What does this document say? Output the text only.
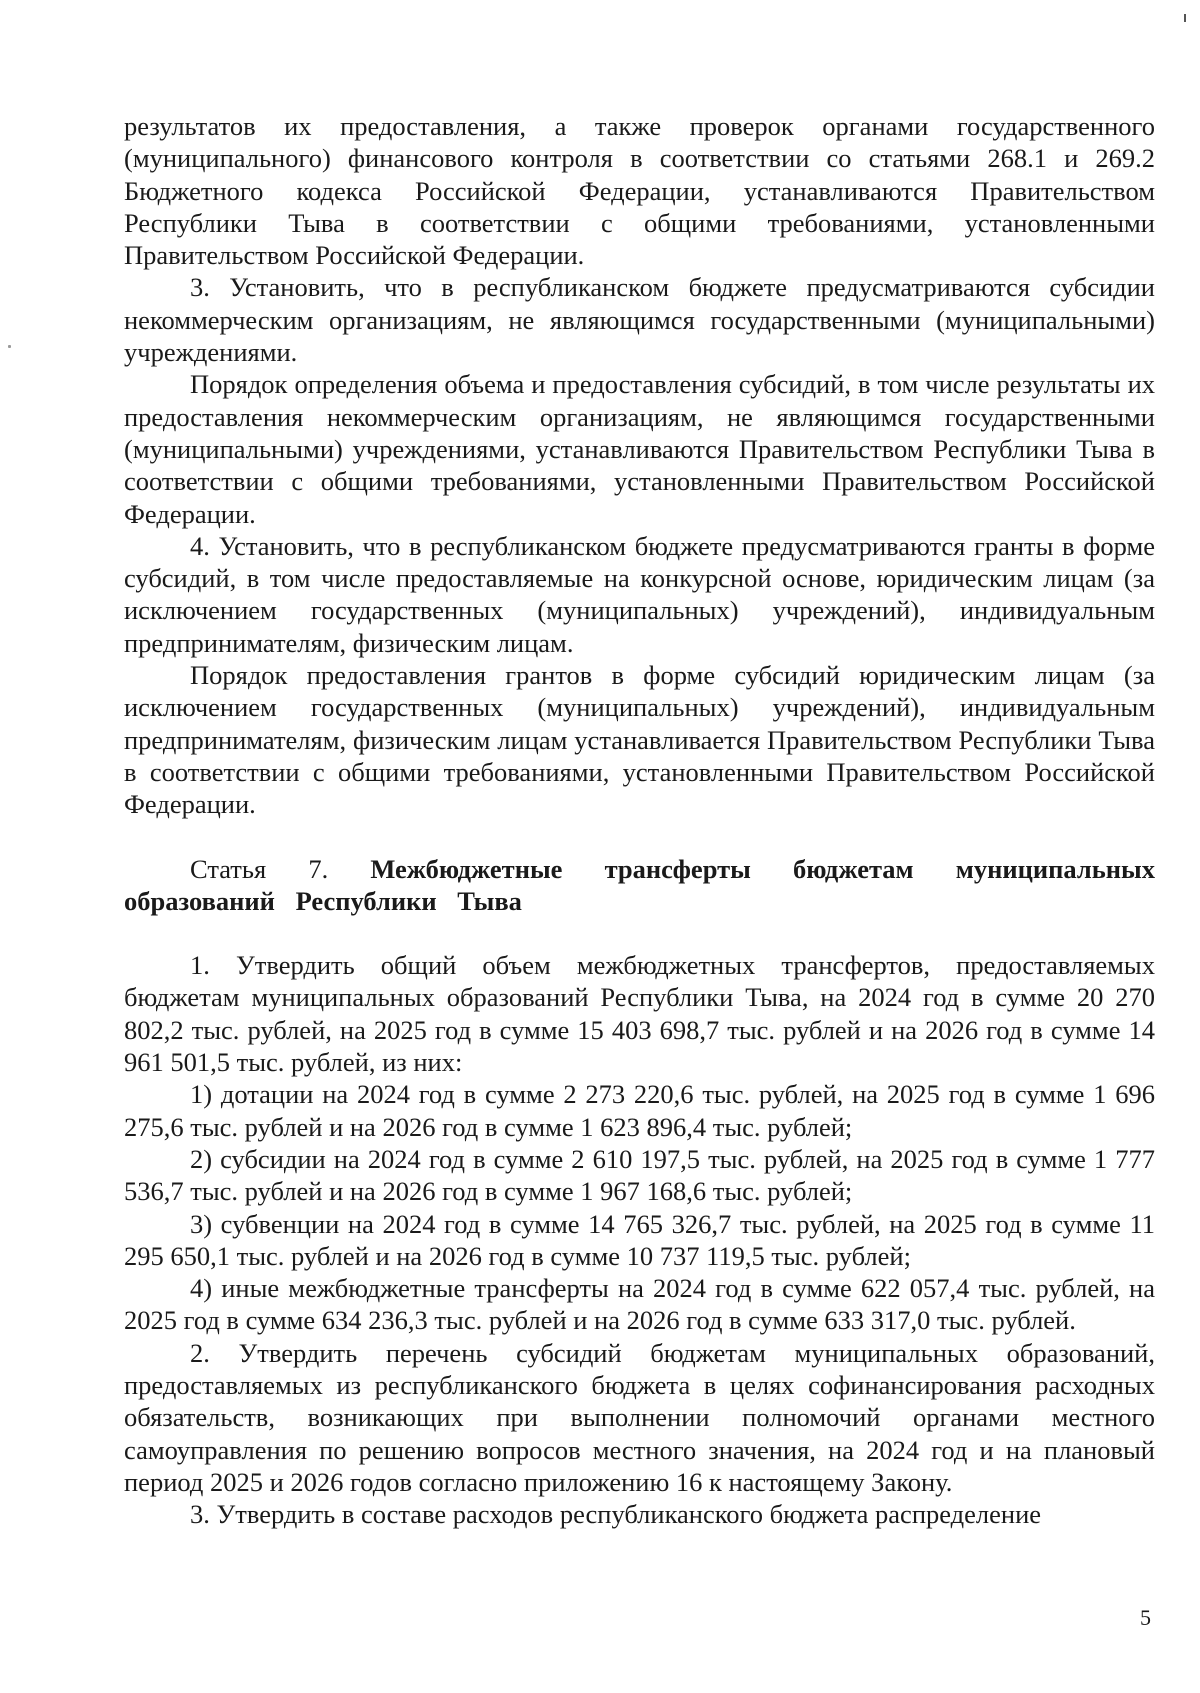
результатов их предоставления, а также проверок органами государственного (муниципального) финансового контроля в соответствии со статьями 268.1 и 269.2 Бюджетного кодекса Российской Федерации, устанавливаются Правительством Республики Тыва в соответствии с общими требованиями, установленными Правительством Российской Федерации.

3. Установить, что в республиканском бюджете предусматриваются субсидии некоммерческим организациям, не являющимся государственными (муниципальными) учреждениями.

Порядок определения объема и предоставления субсидий, в том числе результаты их предоставления некоммерческим организациям, не являющимся государственными (муниципальными) учреждениями, устанавливаются Правительством Республики Тыва в соответствии с общими требованиями, установленными Правительством Российской Федерации.

4. Установить, что в республиканском бюджете предусматриваются гранты в форме субсидий, в том числе предоставляемые на конкурсной основе, юридическим лицам (за исключением государственных (муниципальных) учреждений), индивидуальным предпринимателям, физическим лицам.

Порядок предоставления грантов в форме субсидий юридическим лицам (за исключением государственных (муниципальных) учреждений), индивидуальным предпринимателям, физическим лицам устанавливается Правительством Республики Тыва в соответствии с общими требованиями, установленными Правительством Российской Федерации.

Статья 7. Межбюджетные трансферты бюджетам муниципальных образований Республики Тыва

1. Утвердить общий объем межбюджетных трансфертов, предоставляемых бюджетам муниципальных образований Республики Тыва, на 2024 год в сумме 20 270 802,2 тыс. рублей, на 2025 год в сумме 15 403 698,7 тыс. рублей и на 2026 год в сумме 14 961 501,5 тыс. рублей, из них:

1) дотации на 2024 год в сумме 2 273 220,6 тыс. рублей, на 2025 год в сумме 1 696 275,6 тыс. рублей и на 2026 год в сумме 1 623 896,4 тыс. рублей;

2) субсидии на 2024 год в сумме 2 610 197,5 тыс. рублей, на 2025 год в сумме 1 777 536,7 тыс. рублей и на 2026 год в сумме 1 967 168,6 тыс. рублей;

3) субвенции на 2024 год в сумме 14 765 326,7 тыс. рублей, на 2025 год в сумме 11 295 650,1 тыс. рублей и на 2026 год в сумме 10 737 119,5 тыс. рублей;

4) иные межбюджетные трансферты на 2024 год в сумме 622 057,4 тыс. рублей, на 2025 год в сумме 634 236,3 тыс. рублей и на 2026 год в сумме 633 317,0 тыс. рублей.

2. Утвердить перечень субсидий бюджетам муниципальных образований, предоставляемых из республиканского бюджета в целях софинансирования расходных обязательств, возникающих при выполнении полномочий органами местного самоуправления по решению вопросов местного значения, на 2024 год и на плановый период 2025 и 2026 годов согласно приложению 16 к настоящему Закону.

3. Утвердить в составе расходов республиканского бюджета распределение

5
